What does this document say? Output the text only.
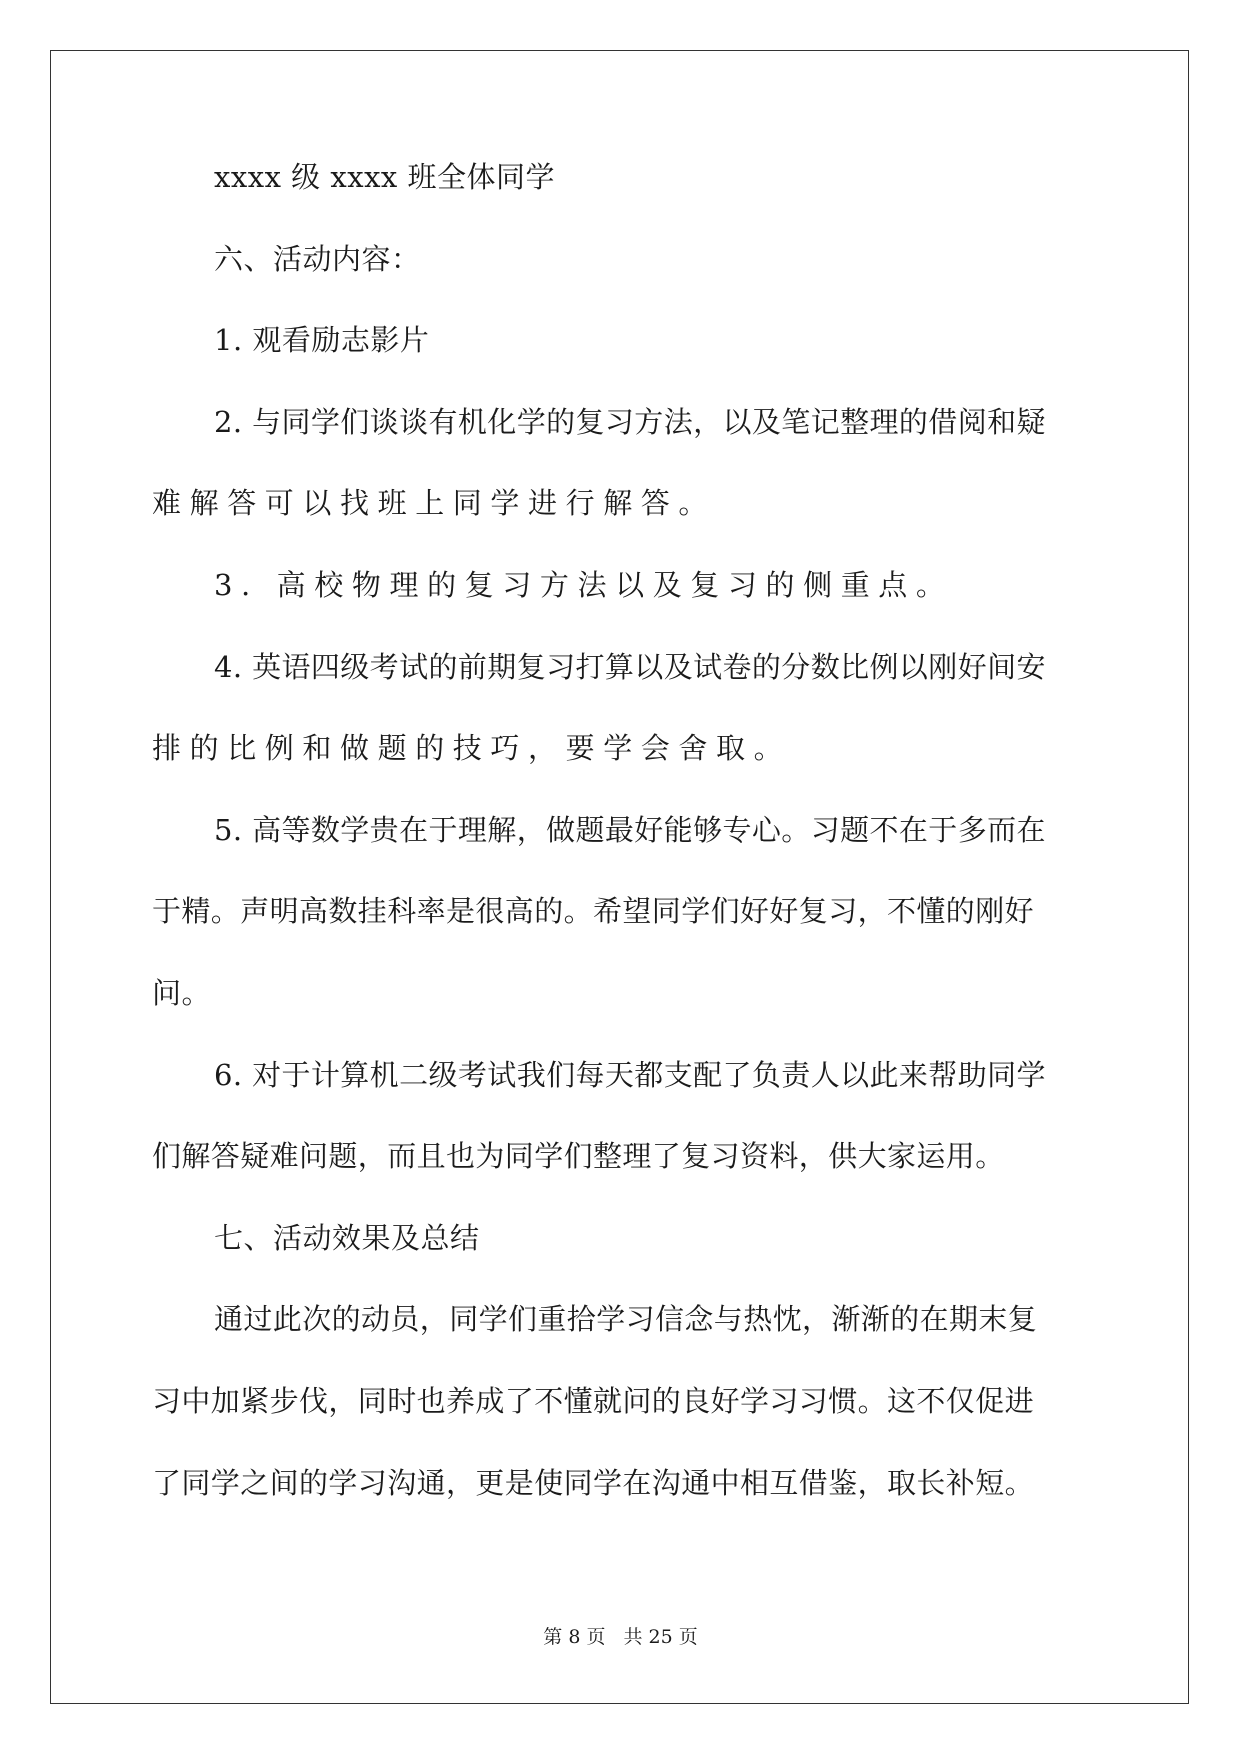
xxxx 级 xxxx 班全体同学
六、活动内容：
1. 观看励志影片
2. 与同学们谈谈有机化学的复习方法，以及笔记整理的借阅和疑
难解答可以找班上同学进行解答。
3. 高校物理的复习方法以及复习的侧重点。
4. 英语四级考试的前期复习打算以及试卷的分数比例以刚好间安
排的比例和做题的技巧，要学会舍取。
5. 高等数学贵在于理解，做题最好能够专心。习题不在于多而在
于精。声明高数挂科率是很高的。希望同学们好好复习，不懂的刚好
问。
6. 对于计算机二级考试我们每天都支配了负责人以此来帮助同学
们解答疑难问题，而且也为同学们整理了复习资料，供大家运用。
七、活动效果及总结
通过此次的动员，同学们重拾学习信念与热忱，渐渐的在期末复
习中加紧步伐，同时也养成了不懂就问的良好学习习惯。这不仅促进
了同学之间的学习沟通，更是使同学在沟通中相互借鉴，取长补短。
第 8 页 共 25 页
